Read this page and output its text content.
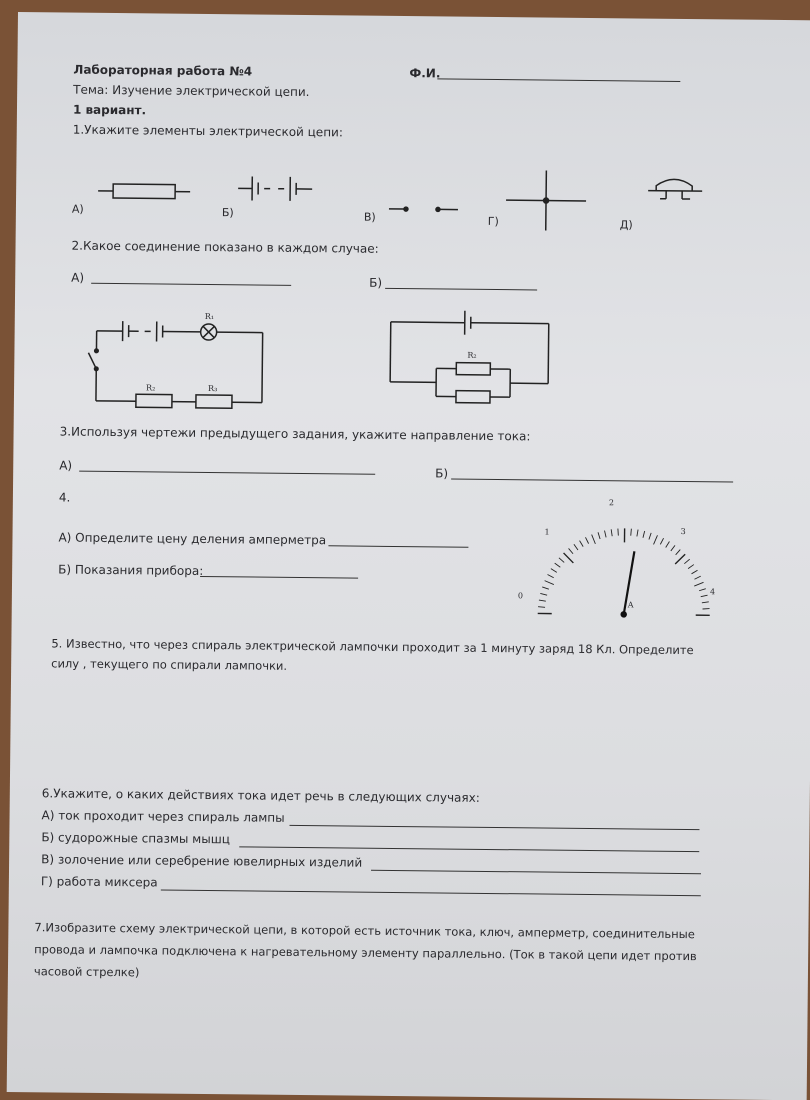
Лабораторная работа №4	Ф.И.
Тема: Изучение электрической цепи.
1 вариант.
1.Укажите элементы электрической цепи:
А)	Б)	В)	Г)	Д)
2.Какое соединение показано в каждом случае:
А)	Б)
R₁
R₂	R₃
R₂
3.Используя чертежи предыдущего задания, укажите направление тока:
А)
Б)
4.
А) Определите цену деления амперметра
Б) Показания прибора:
2
1	3
0	4
A
5. Известно, что через спираль электрической лампочки проходит за 1 минуту заряд 18 Кл. Определите
силу , текущего по спирали лампочки.
6.Укажите, о каких действиях тока идет речь в следующих случаях:
А) ток проходит через спираль лампы
Б) судорожные спазмы мышц
В) золочение или серебрение ювелирных изделий
Г) работа миксера
7.Изобразите схему электрической цепи, в которой есть источник тока, ключ, амперметр, соединительные
провода и лампочка подключена к нагревательному элементу параллельно. (Ток в такой цепи идет против
часовой стрелке)
